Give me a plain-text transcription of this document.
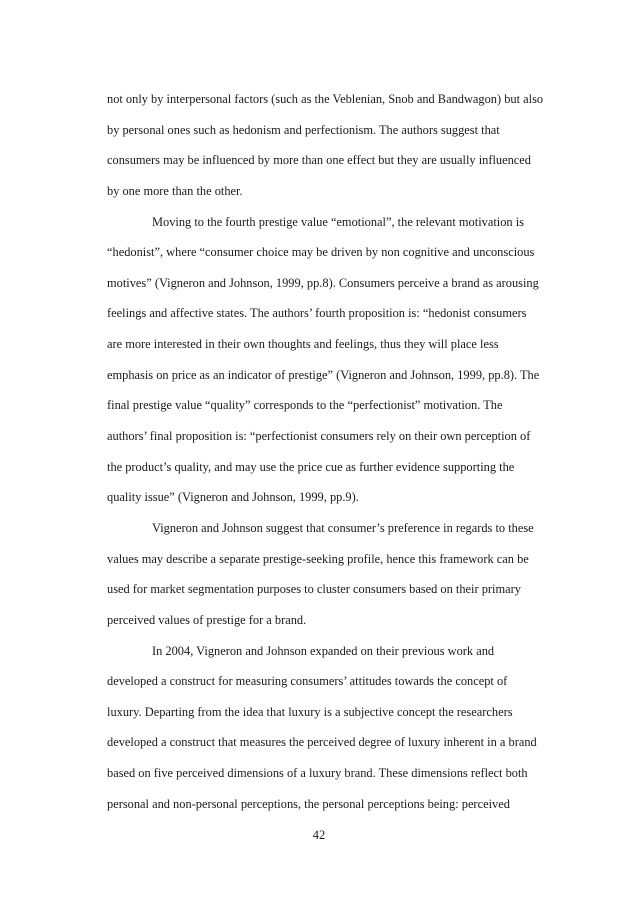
not only by interpersonal factors (such as the Veblenian, Snob and Bandwagon) but also
by personal ones such as hedonism and perfectionism. The authors suggest that
consumers may be influenced by more than one effect but they are usually influenced
by one more than the other.
Moving to the fourth prestige value “emotional”, the relevant motivation is
“hedonist”, where “consumer choice may be driven by non cognitive and unconscious
motives” (Vigneron and Johnson, 1999, pp.8). Consumers perceive a brand as arousing
feelings and affective states. The authors’ fourth proposition is: “hedonist consumers
are more interested in their own thoughts and feelings, thus they will place less
emphasis on price as an indicator of prestige” (Vigneron and Johnson, 1999, pp.8). The
final prestige value “quality” corresponds to the “perfectionist” motivation. The
authors’ final proposition is: “perfectionist consumers rely on their own perception of
the product’s quality, and may use the price cue as further evidence supporting the
quality issue” (Vigneron and Johnson, 1999, pp.9).
Vigneron and Johnson suggest that consumer’s preference in regards to these
values may describe a separate prestige-seeking profile, hence this framework can be
used for market segmentation purposes to cluster consumers based on their primary
perceived values of prestige for a brand.
In 2004, Vigneron and Johnson expanded on their previous work and
developed a construct for measuring consumers’ attitudes towards the concept of
luxury. Departing from the idea that luxury is a subjective concept the researchers
developed a construct that measures the perceived degree of luxury inherent in a brand
based on five perceived dimensions of a luxury brand. These dimensions reflect both
personal and non-personal perceptions, the personal perceptions being: perceived
42
